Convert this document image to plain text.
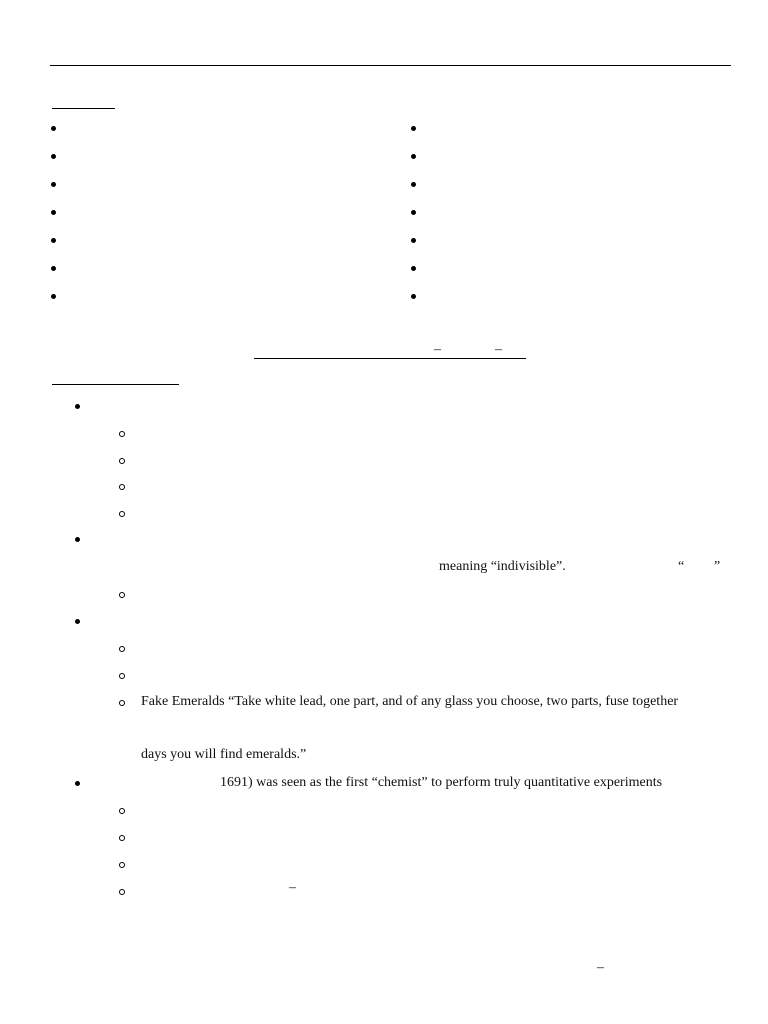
–	–
meaning “indivisible”.	“ ”
Fake Emeralds “Take white lead, one part, and of any glass you choose, two parts, fuse together
days you will find emeralds.”
1691) was seen as the first “chemist” to perform truly quantitative experiments
–
–
